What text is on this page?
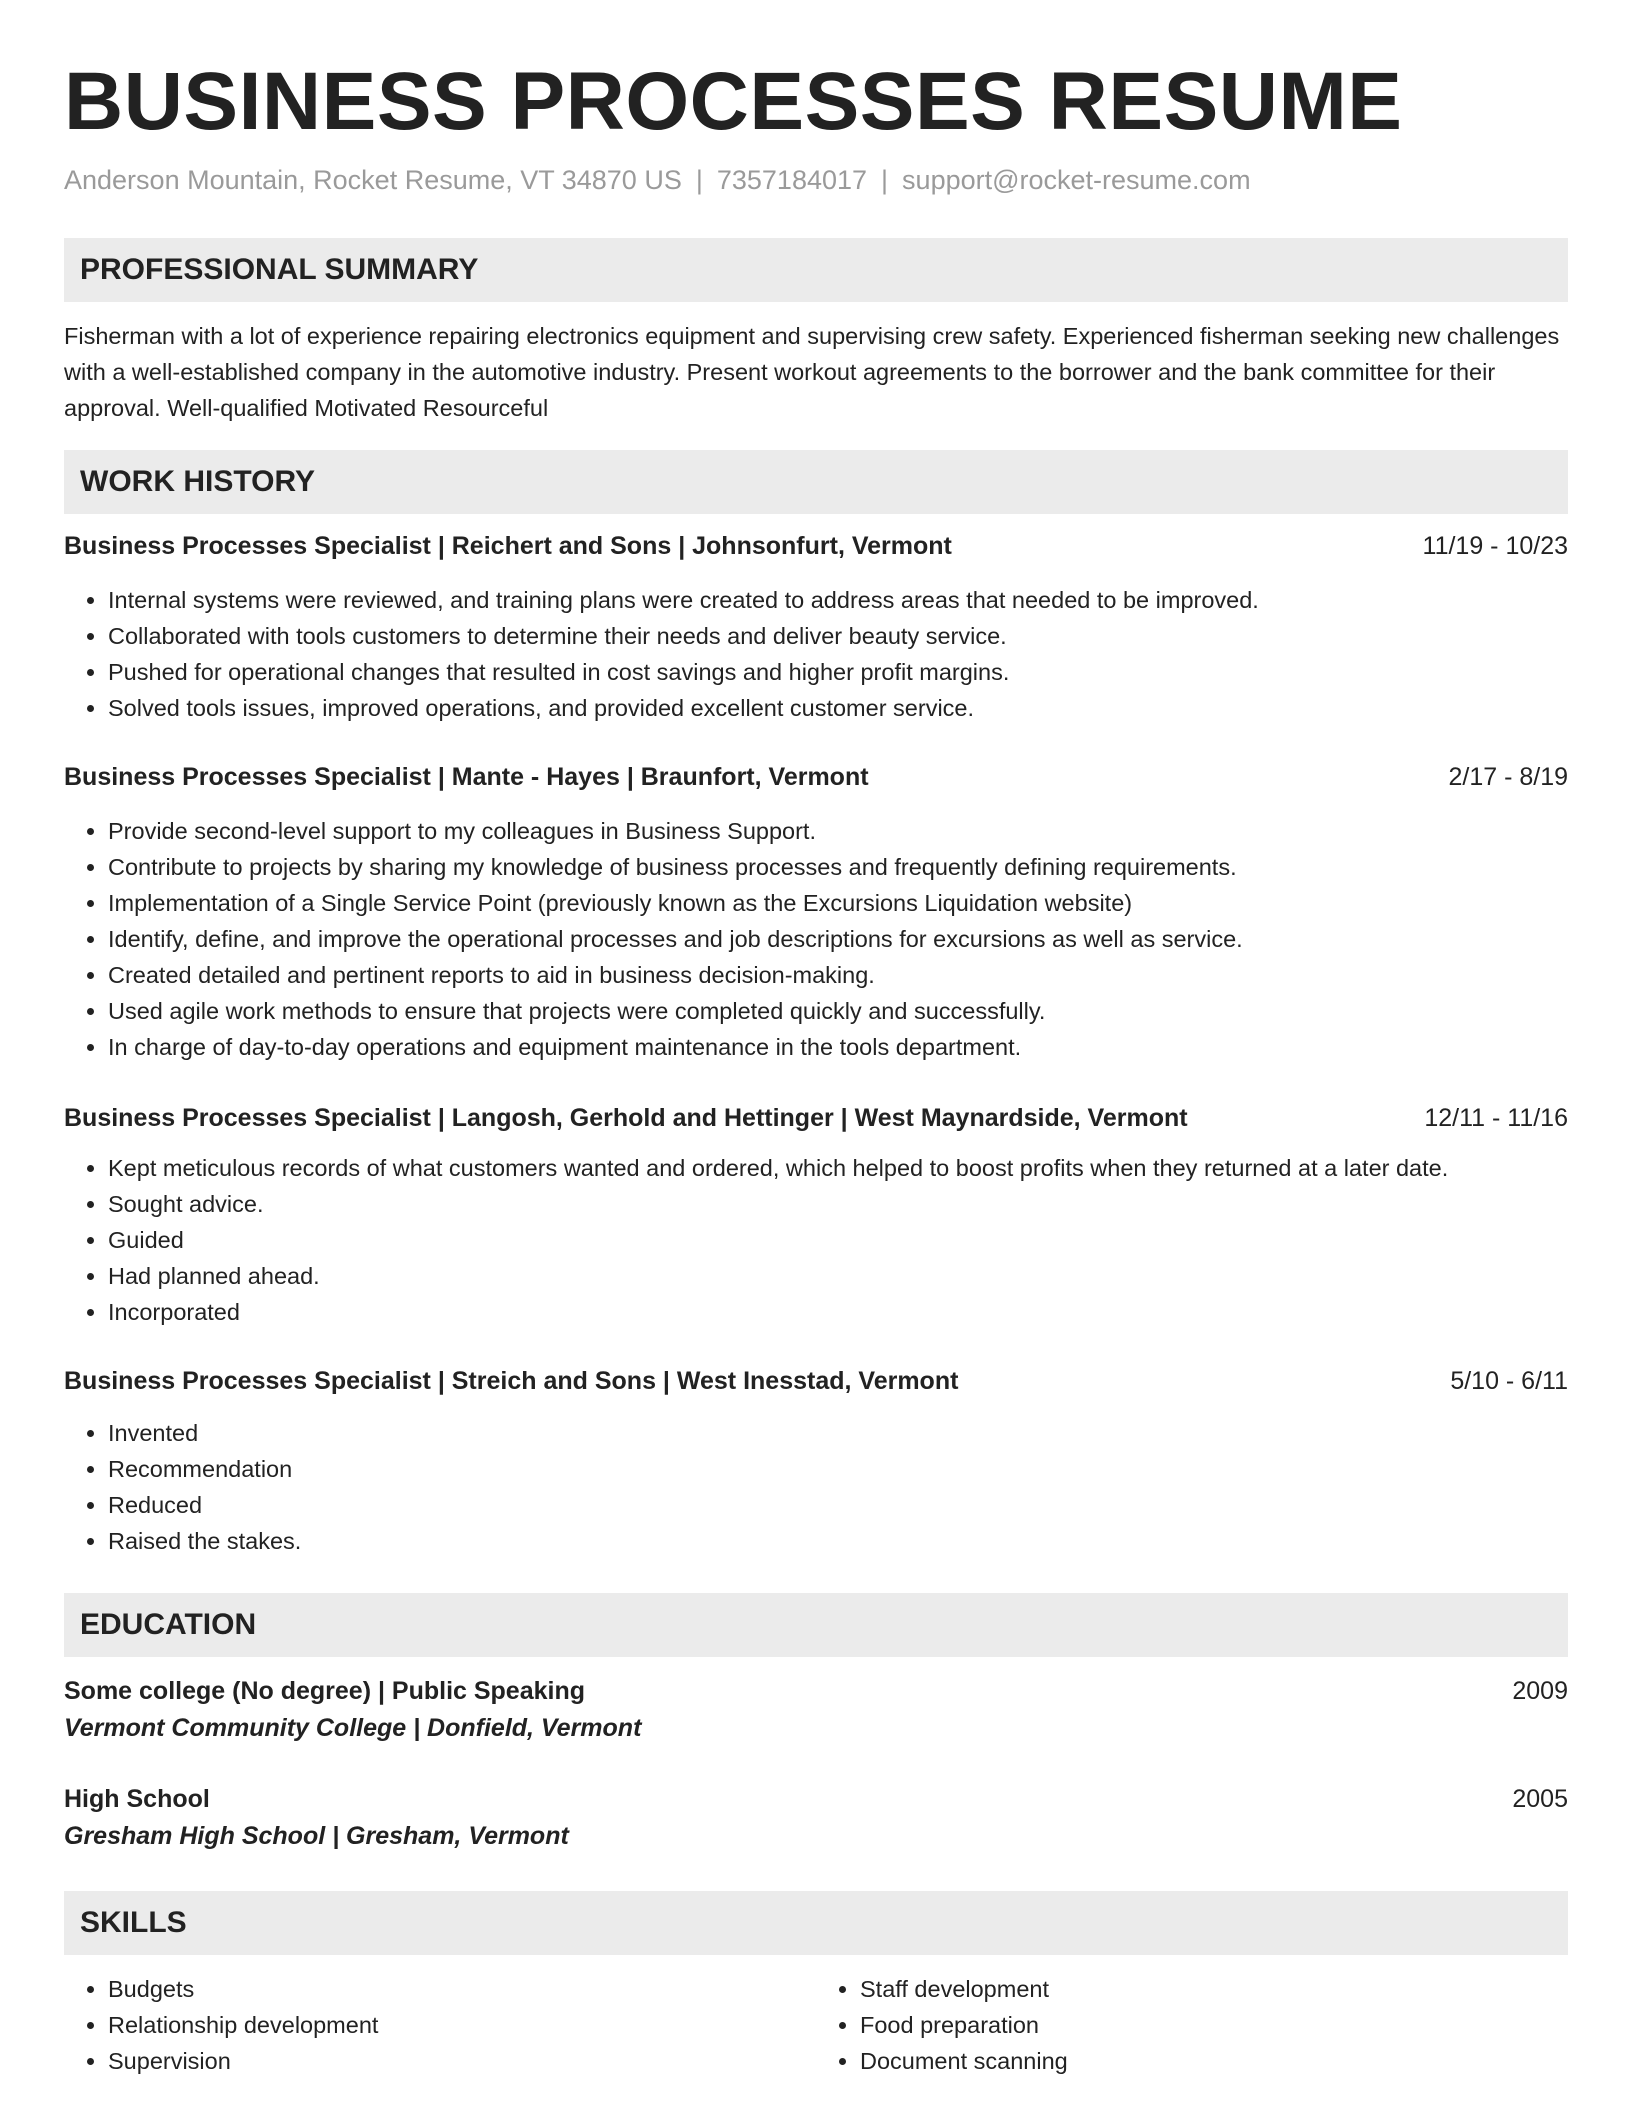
BUSINESS PROCESSES RESUME
Anderson Mountain, Rocket Resume, VT 34870 US | 7357184017 | support@rocket-resume.com
PROFESSIONAL SUMMARY
Fisherman with a lot of experience repairing electronics equipment and supervising crew safety. Experienced fisherman seeking new challenges with a well-established company in the automotive industry. Present workout agreements to the borrower and the bank committee for their approval. Well-qualified Motivated Resourceful
WORK HISTORY
Business Processes Specialist | Reichert and Sons | Johnsonfurt, Vermont	11/19 - 10/23
• Internal systems were reviewed, and training plans were created to address areas that needed to be improved.
• Collaborated with tools customers to determine their needs and deliver beauty service.
• Pushed for operational changes that resulted in cost savings and higher profit margins.
• Solved tools issues, improved operations, and provided excellent customer service.
Business Processes Specialist | Mante - Hayes | Braunfort, Vermont	2/17 - 8/19
• Provide second-level support to my colleagues in Business Support.
• Contribute to projects by sharing my knowledge of business processes and frequently defining requirements.
• Implementation of a Single Service Point (previously known as the Excursions Liquidation website)
• Identify, define, and improve the operational processes and job descriptions for excursions as well as service.
• Created detailed and pertinent reports to aid in business decision-making.
• Used agile work methods to ensure that projects were completed quickly and successfully.
• In charge of day-to-day operations and equipment maintenance in the tools department.
Business Processes Specialist | Langosh, Gerhold and Hettinger | West Maynardside, Vermont	12/11 - 11/16
• Kept meticulous records of what customers wanted and ordered, which helped to boost profits when they returned at a later date.
• Sought advice.
• Guided
• Had planned ahead.
• Incorporated
Business Processes Specialist | Streich and Sons | West Inesstad, Vermont	5/10 - 6/11
• Invented
• Recommendation
• Reduced
• Raised the stakes.
EDUCATION
Some college (No degree) | Public Speaking	2009
Vermont Community College | Donfield, Vermont
High School	2005
Gresham High School | Gresham, Vermont
SKILLS
• Budgets
• Relationship development
• Supervision
• Staff development
• Food preparation
• Document scanning
